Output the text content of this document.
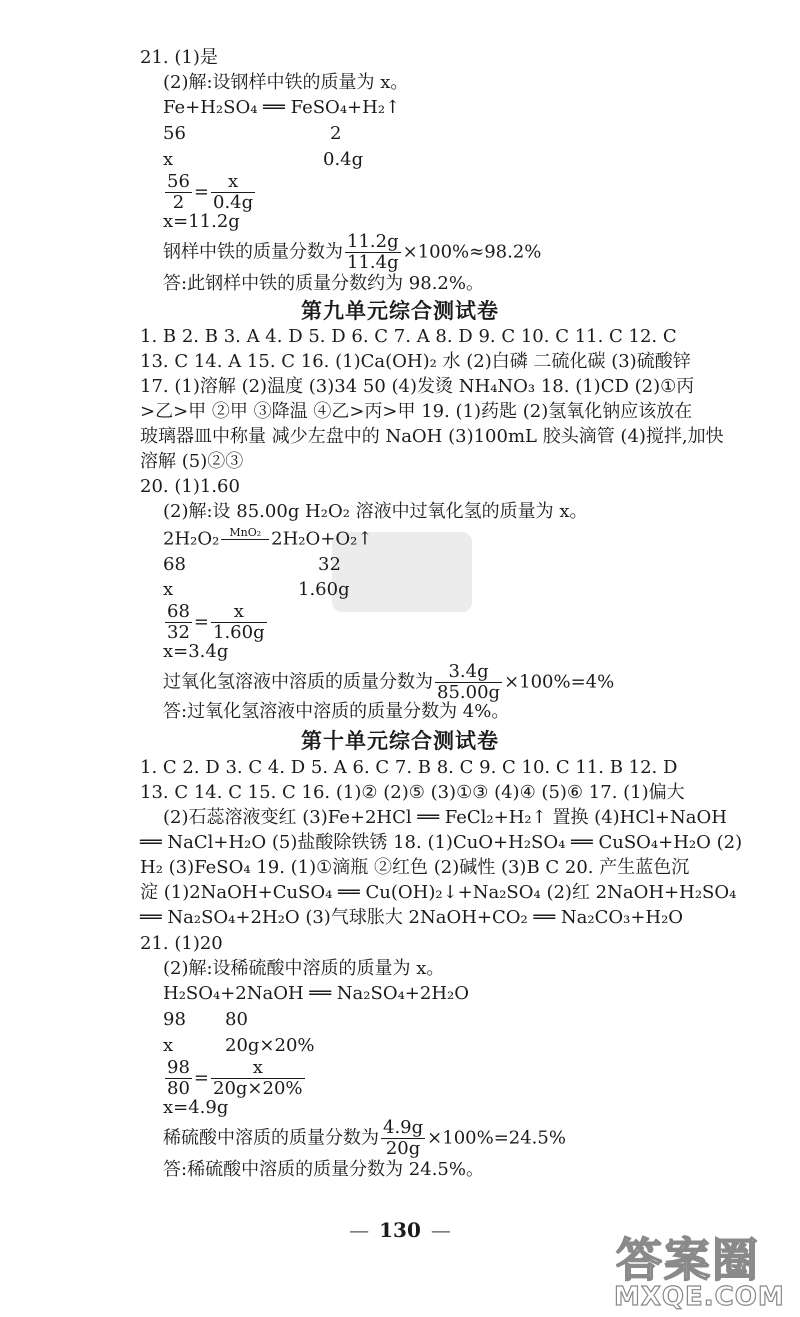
21. (1)是
(2)解:设钢样中铁的质量为 x。
Fe+H₂SO₄ ══ FeSO₄+H₂↑
56	2
x	0.4g
$\frac{56}{2} = \frac{x}{0.4g}$
x=11.2g
钢样中铁的质量分数为 $\frac{11.2g}{11.4g} \times 100\%\approx 98.2\%$
答:此钢样中铁的质量分数约为 98.2%。
第九单元综合测试卷
1. B 2. B 3. A 4. D 5. D 6. C 7. A 8. D 9. C 10. C 11. C 12. C
13. C 14. A 15. C 16. (1)Ca(OH)₂ 水 (2)白磷 二硫化碳 (3)硫酸锌
17. (1)溶解 (2)温度 (3)34 50 (4)发烫 NH₄NO₃ 18. (1)CD (2)①丙
>乙>甲 ②甲 ③降温 ④乙>丙>甲 19. (1)药匙 (2)氢氧化钠应该放在
玻璃器皿中称量 减少左盘中的 NaOH (3)100mL 胶头滴管 (4)搅拌,加快
溶解 (5)②③
20. (1)1.60
(2)解:设 85.00g H₂O₂ 溶液中过氧化氢的质量为 x。
2H₂O₂ MnO₂
2H₂O+O₂↑
68	32
x	1.60g
$\frac{68}{32} = \frac{x}{1.60g}$
x=3.4g
过氧化氢溶液中溶质的质量分数为 $\frac{3.4g}{85.00g} \times 100\%=4\%$
答:过氧化氢溶液中溶质的质量分数为 4%。
第十单元综合测试卷
1. C 2. D 3. C 4. D 5. A 6. C 7. B 8. C 9. C 10. C 11. B 12. D
13. C 14. C 15. C 16. (1)② (2)⑤ (3)①③ (4)④ (5)⑥ 17. (1)偏大
(2)石蕊溶液变红 (3)Fe+2HCl ══ FeCl₂+H₂↑ 置换 (4)HCl+NaOH
══ NaCl+H₂O (5)盐酸除铁锈 18. (1)CuO+H₂SO₄ ══ CuSO₄+H₂O (2)
H₂ (3)FeSO₄ 19. (1)①滴瓶 ②红色 (2)碱性 (3)B C 20. 产生蓝色沉
淀 (1)2NaOH+CuSO₄ ══ Cu(OH)₂↓+Na₂SO₄ (2)红 2NaOH+H₂SO₄
══ Na₂SO₄+2H₂O (3)气球胀大 2NaOH+CO₂ ══ Na₂CO₃+H₂O
21. (1)20
(2)解:设稀硫酸中溶质的质量为 x。
H₂SO₄+2NaOH ══ Na₂SO₄+2H₂O
98 80
x	20g×20%
$\frac{98}{80} = \frac{x}{20g\times 20\%}$
x=4.9g
稀硫酸中溶质的质量分数为 $\frac{4.9g}{20g} \times 100\%=24.5\%$
答:稀硫酸中溶质的质量分数为 24.5%。
— 130 —
答案圈
MXQE.COM
